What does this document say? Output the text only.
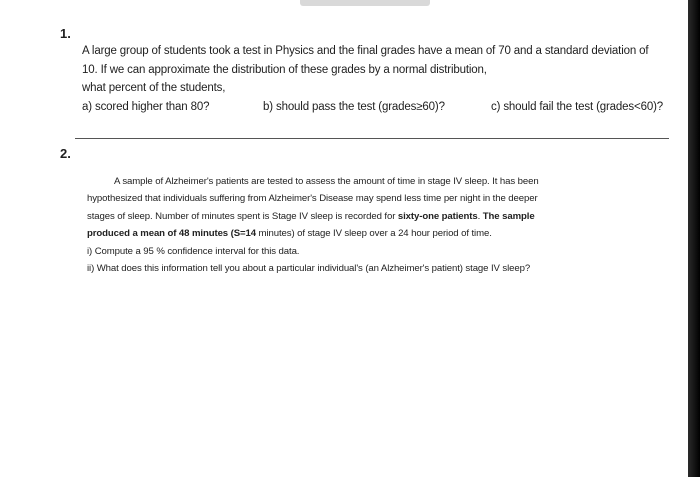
1.
A large group of students took a test in Physics and the final grades have a mean of 70 and a standard deviation of
10. If we can approximate the distribution of these grades by a normal distribution,
what percent of the students,
a) scored higher than 80?	b) should pass the test (grades≥60)?	c) should fail the test (grades<60)?
2.
A sample of Alzheimer's patients are tested to assess the amount of time in stage IV sleep. It has been
hypothesized that individuals suffering from Alzheimer's Disease may spend less time per night in the deeper
stages of sleep. Number of minutes spent is Stage IV sleep is recorded for sixty-one patients. The sample
produced a mean of 48 minutes (S=14 minutes) of stage IV sleep over a 24 hour period of time.
i) Compute a 95 % confidence interval for this data.
ii) What does this information tell you about a particular individual's (an Alzheimer's patient) stage IV sleep?
